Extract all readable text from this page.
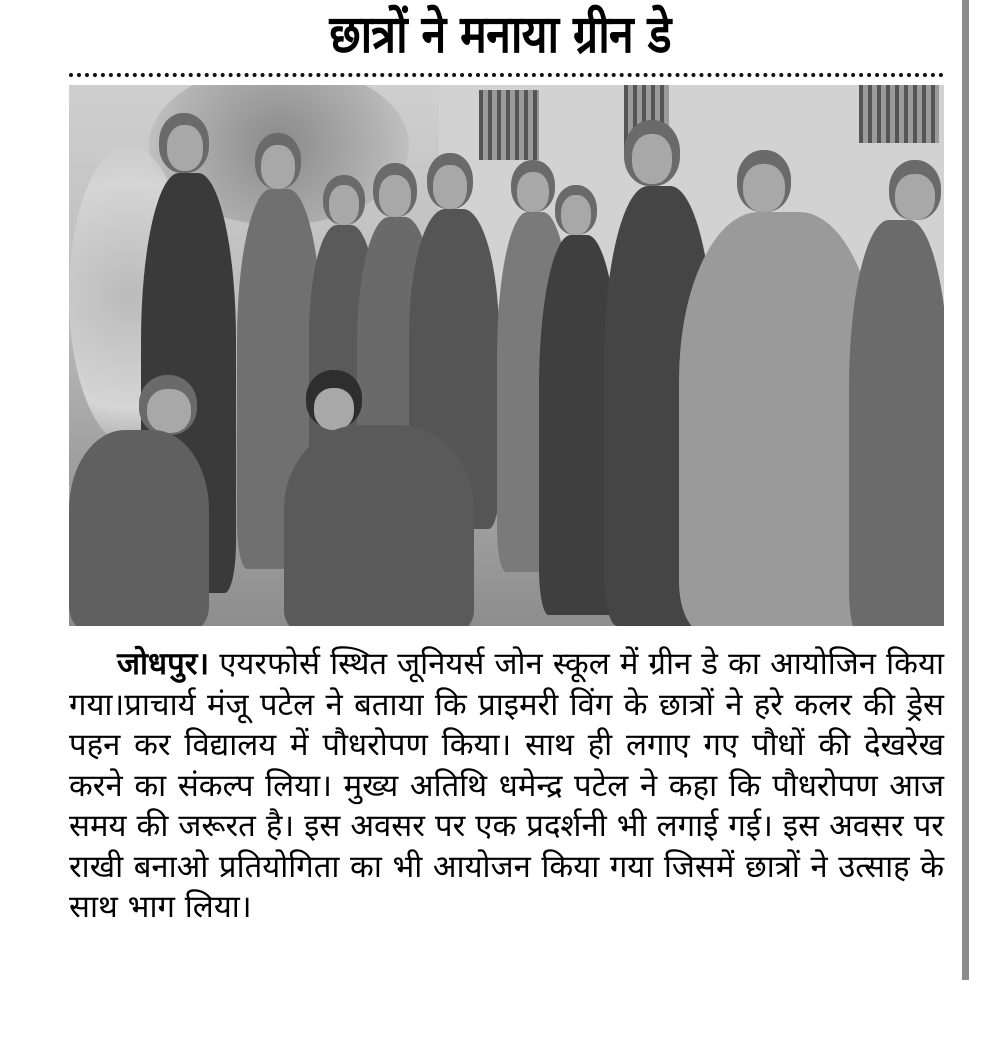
छात्रों ने मनाया ग्रीन डे

जोधपुर। एयरफोर्स स्थित जूनियर्स जोन स्कूल में ग्रीन डे का आयोजिन किया गया।प्राचार्य मंजू पटेल ने बताया कि प्राइमरी विंग के छात्रों ने हरे कलर की ड्रेस पहन कर विद्यालय में पौधरोपण किया। साथ ही लगाए गए पौधों की देखरेख करने का संकल्प लिया। मुख्य अतिथि धमेन्द्र पटेल ने कहा कि पौधरोपण आज समय की जरूरत है। इस अवसर पर एक प्रदर्शनी भी लगाई गई। इस अवसर पर राखी बनाओ प्रतियोगिता का भी आयोजन किया गया जिसमें छात्रों ने उत्साह के साथ भाग लिया।
